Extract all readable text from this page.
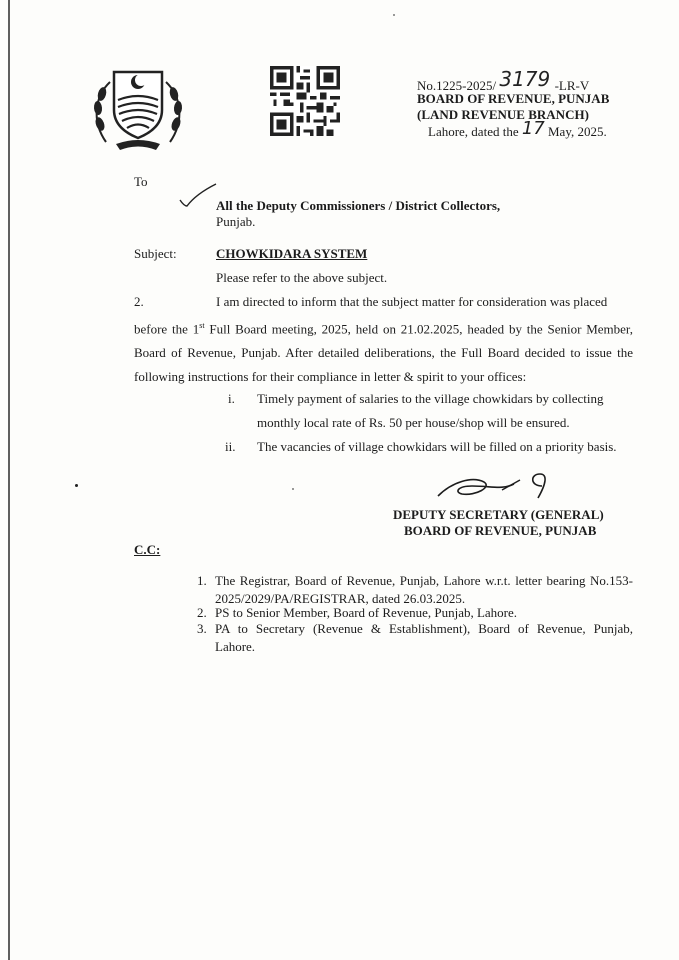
No.1225-2025/ 3179 -LR-V
BOARD OF REVENUE, PUNJAB
(LAND REVENUE BRANCH)
Lahore, dated the 17 May, 2025.
To
All the Deputy Commissioners / District Collectors,
Punjab.
Subject:	CHOWKIDARA SYSTEM
Please refer to the above subject.
2.	I am directed to inform that the subject matter for consideration was placed
before the 1st Full Board meeting, 2025, held on 21.02.2025, headed by the Senior Member, Board of Revenue, Punjab. After detailed deliberations, the Full Board decided to issue the following instructions for their compliance in letter & spirit to your offices:
i. Timely payment of salaries to the village chowkidars by collecting monthly local rate of Rs. 50 per house/shop will be ensured.
ii. The vacancies of village chowkidars will be filled on a priority basis.
DEPUTY SECRETARY (GENERAL)
BOARD OF REVENUE, PUNJAB
C.C:
1. The Registrar, Board of Revenue, Punjab, Lahore w.r.t. letter bearing No.153-2025/2029/PA/REGISTRAR, dated 26.03.2025.
2. PS to Senior Member, Board of Revenue, Punjab, Lahore.
3. PA to Secretary (Revenue & Establishment), Board of Revenue, Punjab, Lahore.
